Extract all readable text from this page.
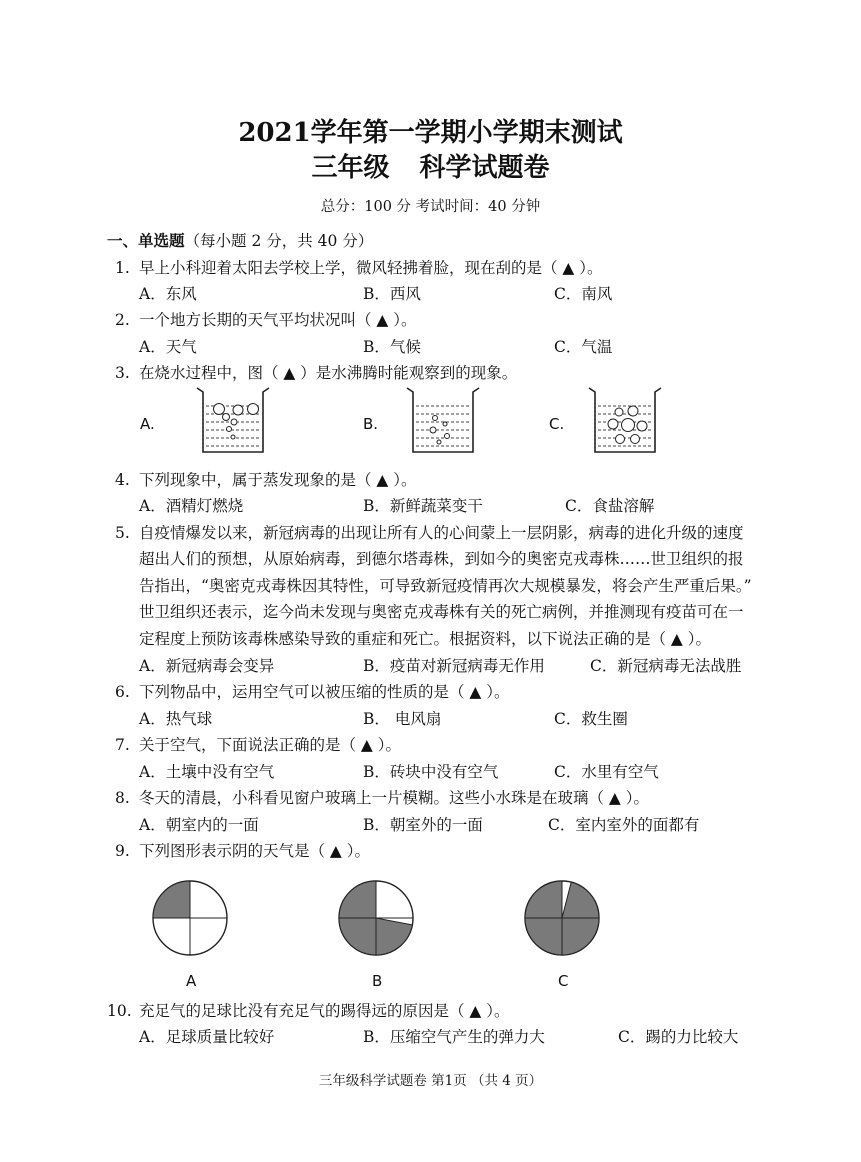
2021学年第一学期小学期末测试
三年级 科学试题卷
总分：100 分 考试时间：40 分钟
一、单选题（每小题 2 分，共 40 分）
1. 早上小科迎着太阳去学校上学，微风轻拂着脸，现在刮的是（ ▲ ）。
A．东风	B．西风	C．南风
2. 一个地方长期的天气平均状况叫（ ▲ ）。
A．天气	B．气候	C．气温
3. 在烧水过程中，图（ ▲ ）是水沸腾时能观察到的现象。
A.	B.	C.
4. 下列现象中，属于蒸发现象的是（ ▲ ）。
A．酒精灯燃烧	B．新鲜蔬菜变干	C．食盐溶解
5. 自疫情爆发以来，新冠病毒的出现让所有人的心间蒙上一层阴影，病毒的进化升级的速度
超出人们的预想，从原始病毒，到德尔塔毒株，到如今的奥密克戎毒株……世卫组织的报
告指出，“奥密克戎毒株因其特性，可导致新冠疫情再次大规模暴发，将会产生严重后果。”
世卫组织还表示，迄今尚未发现与奥密克戎毒株有关的死亡病例，并推测现有疫苗可在一
定程度上预防该毒株感染导致的重症和死亡。根据资料，以下说法正确的是（ ▲ ）。
A．新冠病毒会变异	B．疫苗对新冠病毒无作用	C．新冠病毒无法战胜
6. 下列物品中，运用空气可以被压缩的性质的是（ ▲ ）。
A．热气球	B． 电风扇	C．救生圈
7. 关于空气，下面说法正确的是（ ▲ ）。
A．土壤中没有空气	B．砖块中没有空气	C．水里有空气
8. 冬天的清晨，小科看见窗户玻璃上一片模糊。这些小水珠是在玻璃（ ▲ ）。
A．朝室内的一面	B．朝室外的一面	C．室内室外的面都有
9. 下列图形表示阴的天气是（ ▲ ）。
A	B	C
10. 充足气的足球比没有充足气的踢得远的原因是（ ▲ ）。
A．足球质量比较好	B．压缩空气产生的弹力大	C．踢的力比较大
三年级科学试题卷 第1页 （共 4 页）
